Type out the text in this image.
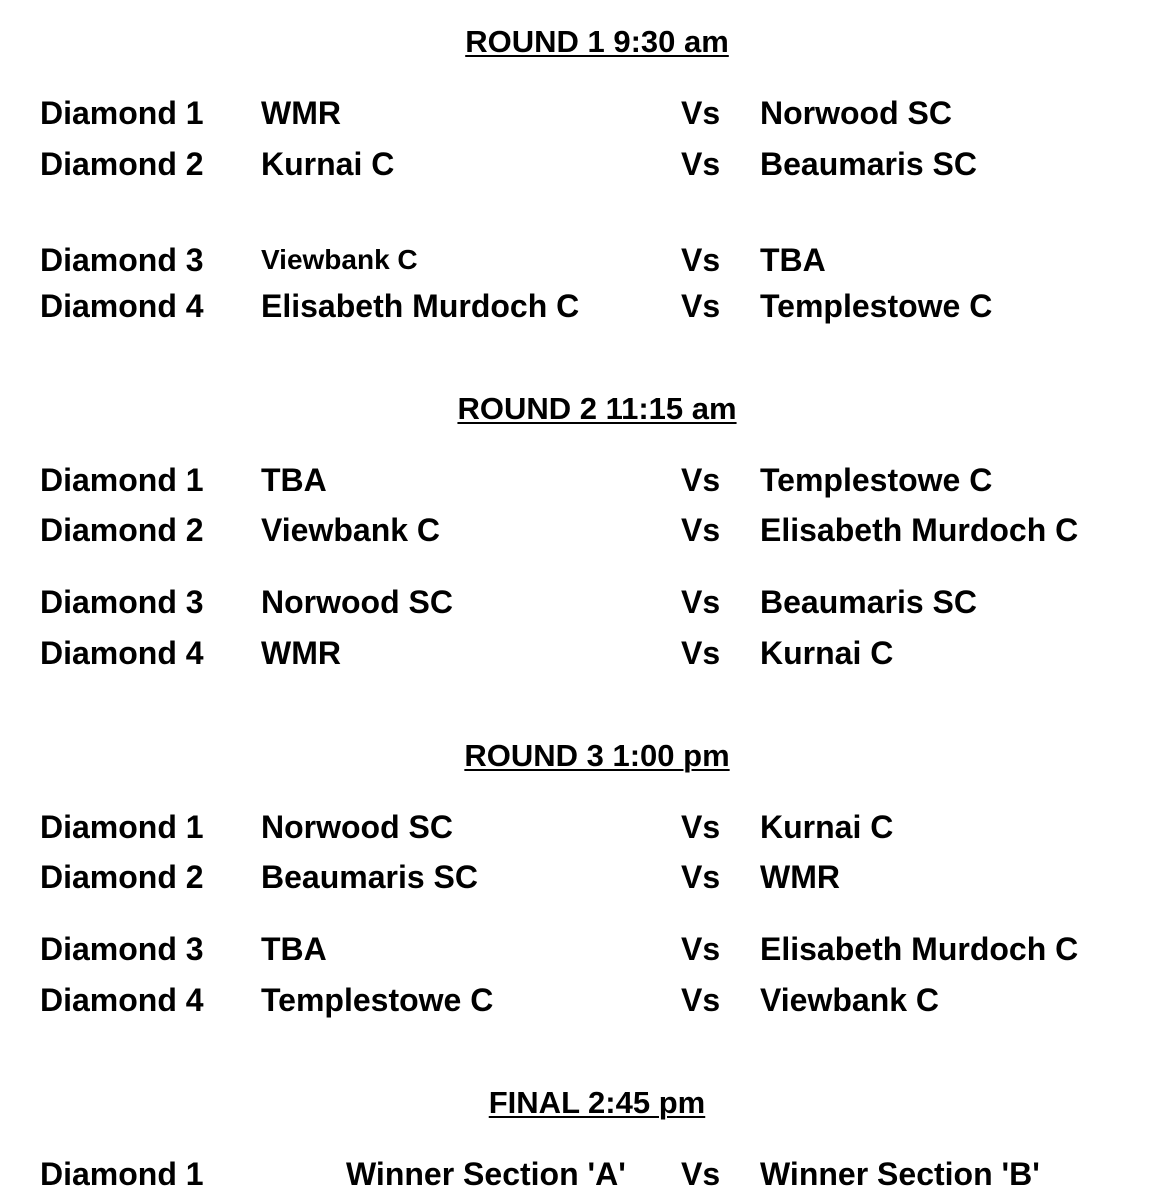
ROUND 1 9:30 am
Diamond 1 WMR	Vs Norwood SC
Diamond 2 Kurnai C	Vs Beaumaris SC
Diamond 3 Viewbank C	Vs TBA
Diamond 4 Elisabeth Murdoch C	Vs Templestowe C
ROUND 2 11:15 am
Diamond 1 TBA	Vs Templestowe C
Diamond 2 Viewbank C	Vs Elisabeth Murdoch C
Diamond 3 Norwood SC	Vs Beaumaris SC
Diamond 4 WMR	Vs Kurnai C
ROUND 3 1:00 pm
Diamond 1 Norwood SC	Vs Kurnai C
Diamond 2 Beaumaris SC	Vs WMR
Diamond 3 TBA	Vs Elisabeth Murdoch C
Diamond 4 Templestowe C	Vs Viewbank C
FINAL 2:45 pm
Diamond 1	Winner Section 'A' Vs Winner Section 'B'
